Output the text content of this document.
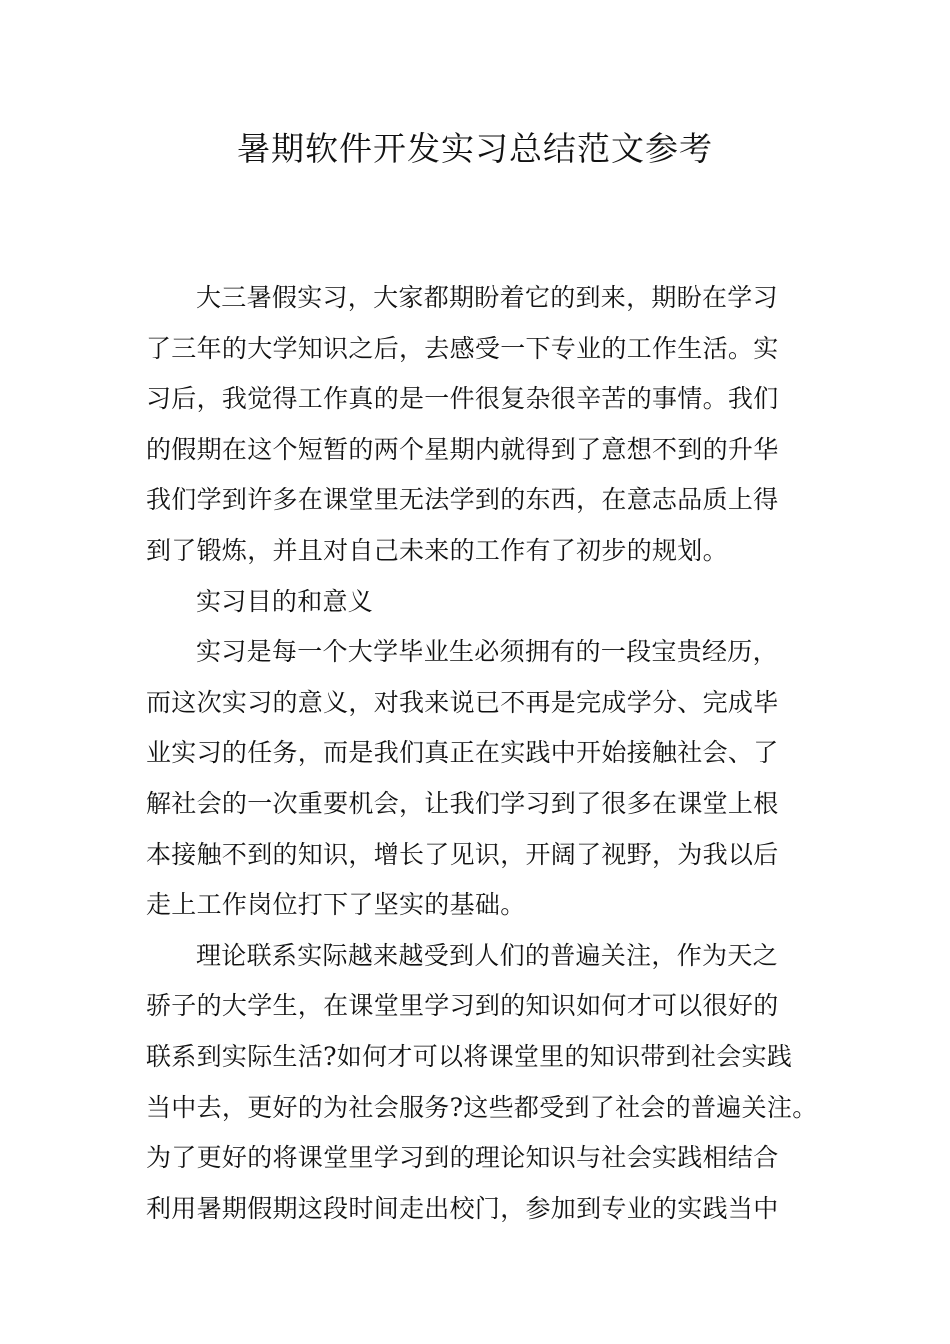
暑期软件开发实习总结范文参考
大三暑假实习，大家都期盼着它的到来，期盼在学习
了三年的大学知识之后，去感受一下专业的工作生活。实
习后，我觉得工作真的是一件很复杂很辛苦的事情。我们
的假期在这个短暂的两个星期内就得到了意想不到的升华
我们学到许多在课堂里无法学到的东西，在意志品质上得
到了锻炼，并且对自己未来的工作有了初步的规划。
实习目的和意义
实习是每一个大学毕业生必须拥有的一段宝贵经历，
而这次实习的意义，对我来说已不再是完成学分、完成毕
业实习的任务，而是我们真正在实践中开始接触社会、了
解社会的一次重要机会，让我们学习到了很多在课堂上根
本接触不到的知识，增长了见识，开阔了视野，为我以后
走上工作岗位打下了坚实的基础。
理论联系实际越来越受到人们的普遍关注，作为天之
骄子的大学生，在课堂里学习到的知识如何才可以很好的
联系到实际生活?如何才可以将课堂里的知识带到社会实践
当中去，更好的为社会服务?这些都受到了社会的普遍关注。
为了更好的将课堂里学习到的理论知识与社会实践相结合
利用暑期假期这段时间走出校门，参加到专业的实践当中
